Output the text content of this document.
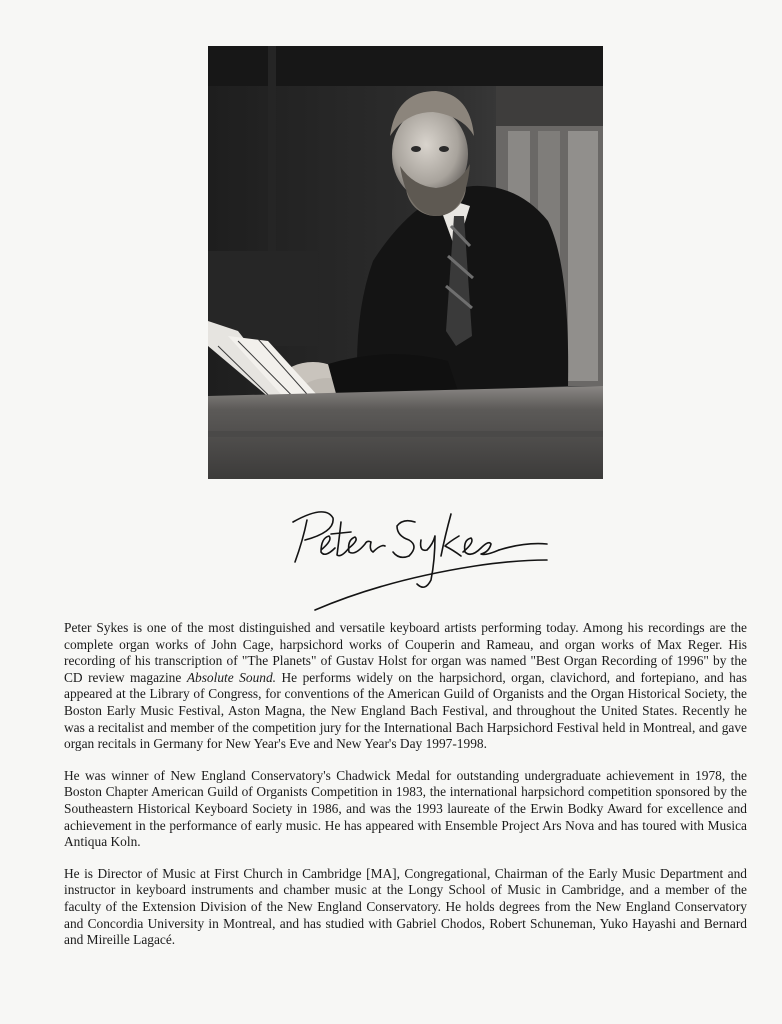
Peter Sykes is one of the most distinguished and versatile keyboard artists performing today. Among his recordings are the complete organ works of John Cage, harpsichord works of Couperin and Rameau, and organ works of Max Reger. His recording of his transcription of "The Planets" of Gustav Holst for organ was named "Best Organ Recording of 1996" by the CD review magazine Absolute Sound. He performs widely on the harpsichord, organ, clavichord, and fortepiano, and has appeared at the Library of Congress, for conventions of the American Guild of Organists and the Organ Historical Society, the Boston Early Music Festival, Aston Magna, the New England Bach Festival, and throughout the United States. Recently he was a recitalist and member of the competition jury for the International Bach Harpsichord Festival held in Montreal, and gave organ recitals in Germany for New Year's Eve and New Year's Day 1997-1998.

He was winner of New England Conservatory's Chadwick Medal for outstanding undergraduate achievement in 1978, the Boston Chapter American Guild of Organists Competition in 1983, the international harpsichord competition sponsored by the Southeastern Historical Keyboard Society in 1986, and was the 1993 laureate of the Erwin Bodky Award for excellence and achievement in the performance of early music. He has appeared with Ensemble Project Ars Nova and has toured with Musica Antiqua Koln.

He is Director of Music at First Church in Cambridge [MA], Congregational, Chairman of the Early Music Department and instructor in keyboard instruments and chamber music at the Longy School of Music in Cambridge, and a member of the faculty of the Extension Division of the New England Conservatory. He holds degrees from the New England Conservatory and Concordia University in Montreal, and has studied with Gabriel Chodos, Robert Schuneman, Yuko Hayashi and Bernard and Mireille Lagacé.
